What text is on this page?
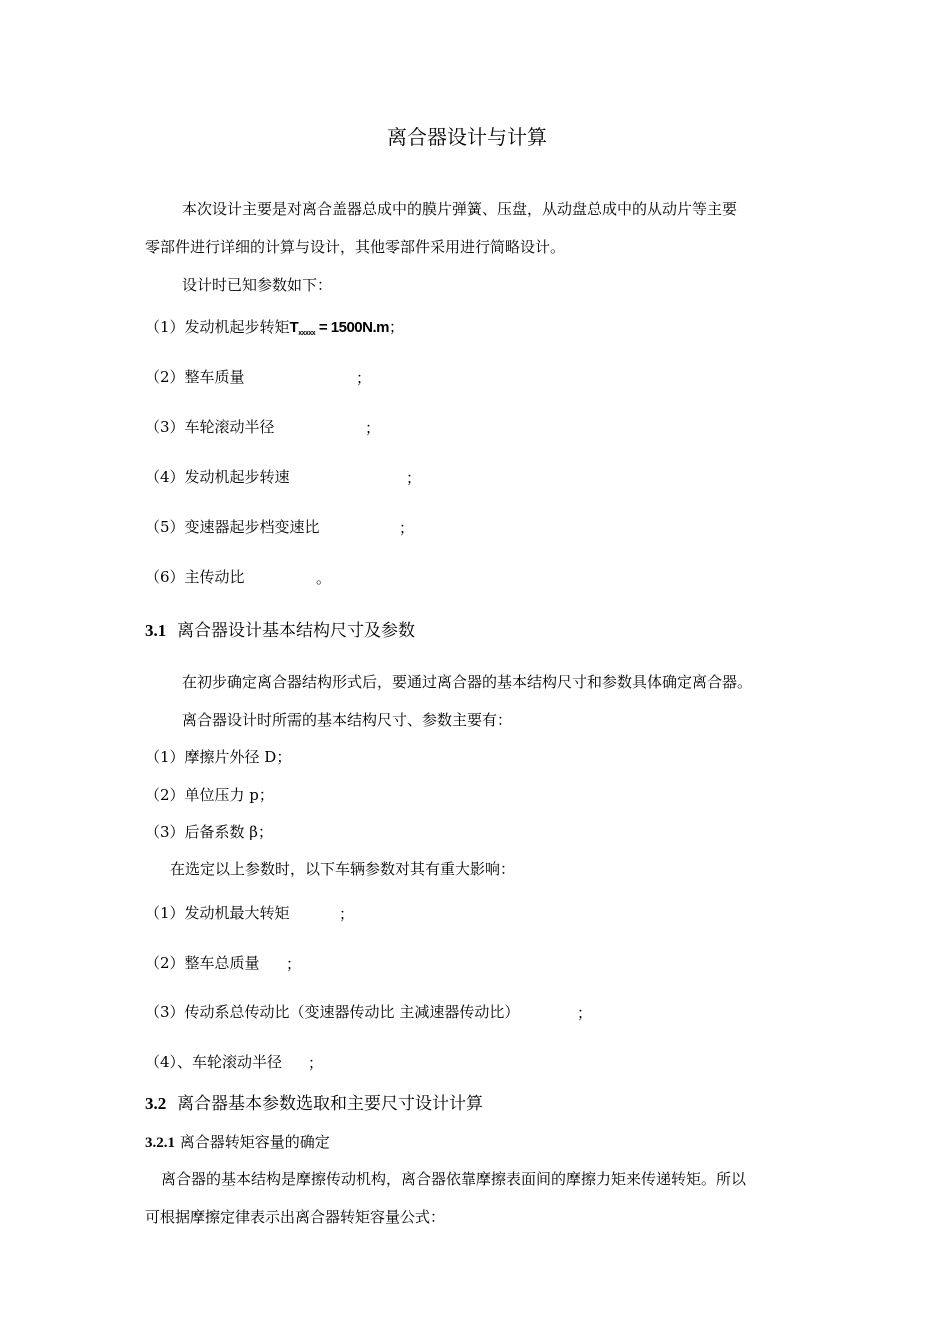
离合器设计与计算
本次设计主要是对离合盖器总成中的膜片弹簧、压盘，从动盘总成中的从动片等主要
零部件进行详细的计算与设计，其他零部件采用进行简略设计。
设计时已知参数如下：
（1）发动机起步转矩$T_{xxxxx} = 1500N.m$；
（2）整车质量	；
（3）车轮滚动半径	；
（4）发动机起步转速	；
（5）变速器起步档变速比	；
（6）主传动比	。
3.1 离合器设计基本结构尺寸及参数
在初步确定离合器结构形式后，要通过离合器的基本结构尺寸和参数具体确定离合器。
离合器设计时所需的基本结构尺寸、参数主要有：
（1）摩擦片外径 D；
（2）单位压力 p；
（3）后备系数 β；
在选定以上参数时，以下车辆参数对其有重大影响：
（1）发动机最大转矩	；
（2）整车总质量 ；
（3）传动系总传动比（变速器传动比 主减速器传动比）	；
（4）、车轮滚动半径 ；
3.2 离合器基本参数选取和主要尺寸设计计算
3.2.1 离合器转矩容量的确定
离合器的基本结构是摩擦传动机构，离合器依靠摩擦表面间的摩擦力矩来传递转矩。所以
可根据摩擦定律表示出离合器转矩容量公式：
